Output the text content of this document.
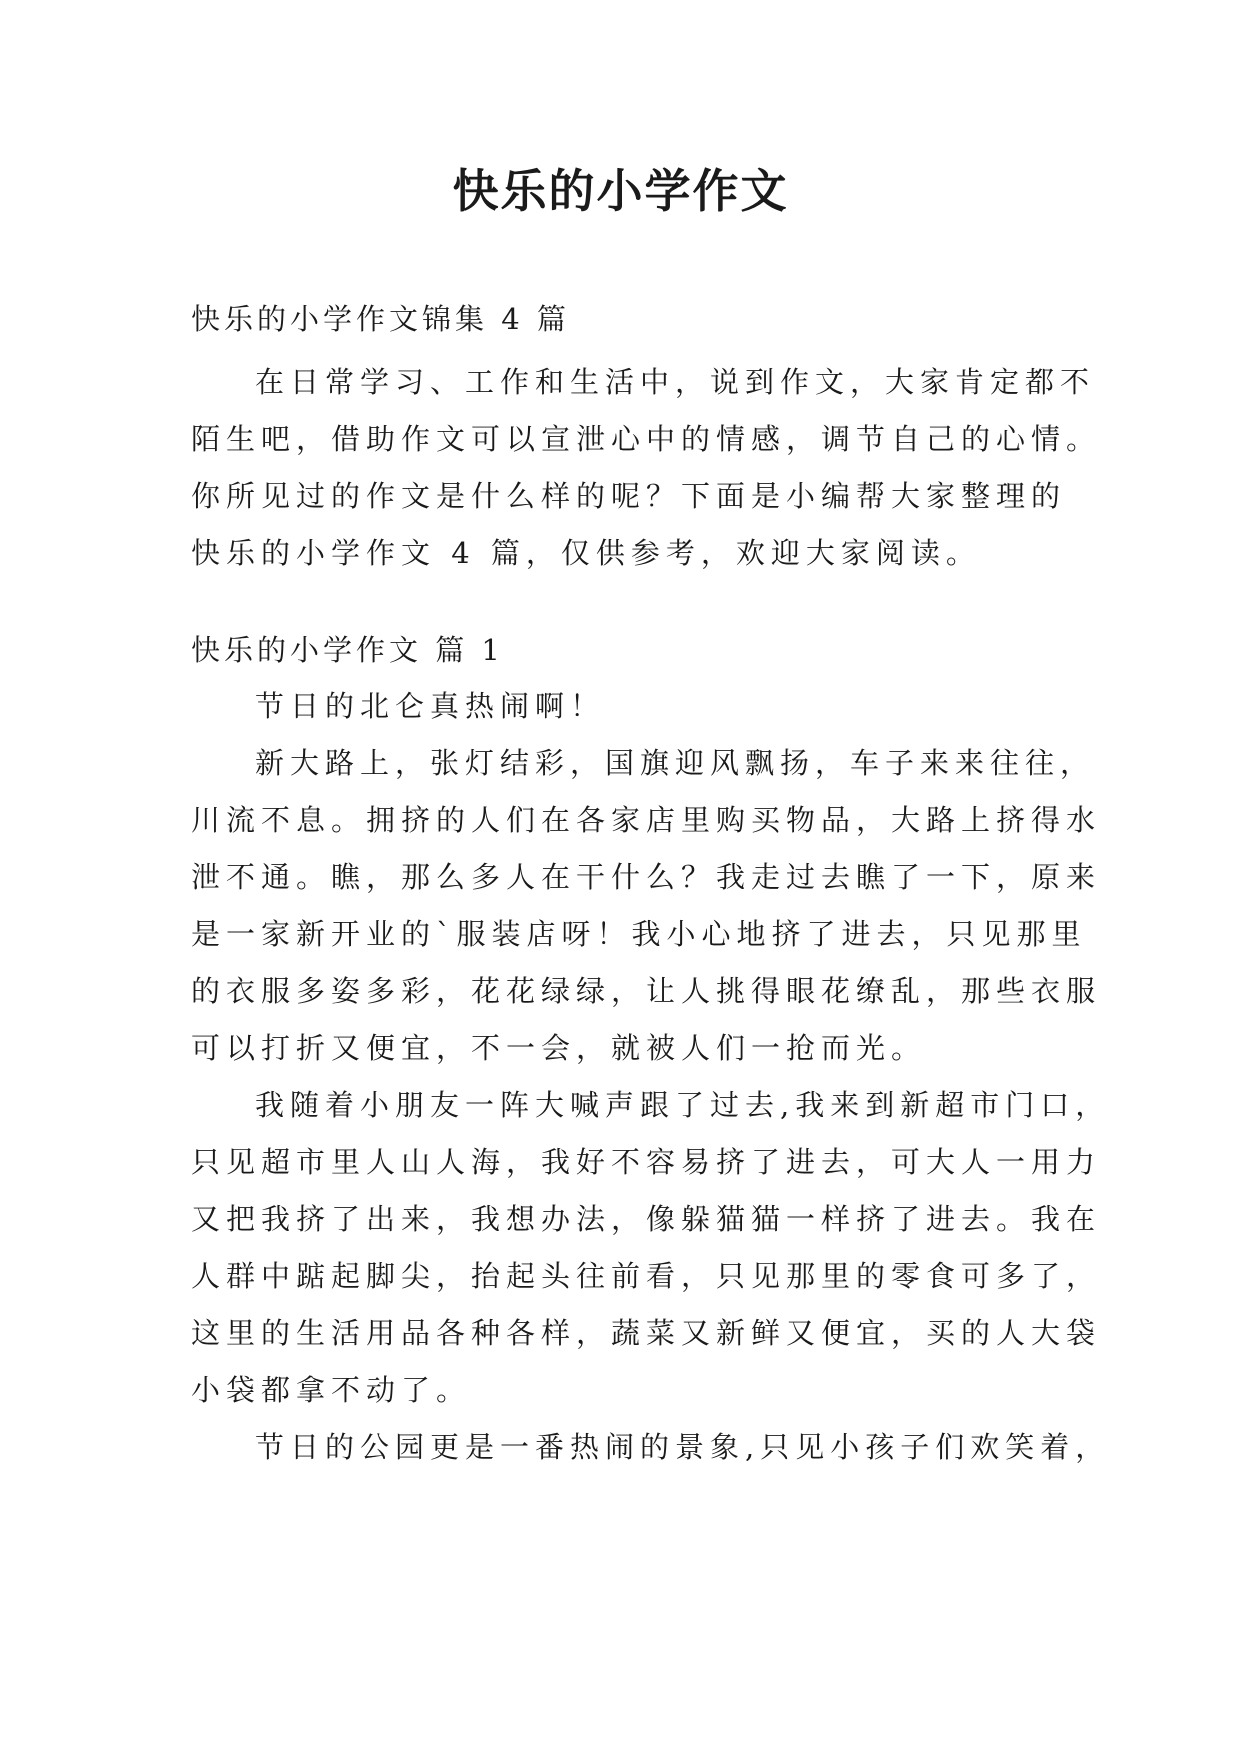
快乐的小学作文
快乐的小学作文锦集 4 篇
在日常学习、工作和生活中，说到作文，大家肯定都不
陌生吧，借助作文可以宣泄心中的情感，调节自己的心情。
你所见过的作文是什么样的呢？下面是小编帮大家整理的
快乐的小学作文 4 篇，仅供参考，欢迎大家阅读。
快乐的小学作文 篇 1
节日的北仑真热闹啊！
新大路上，张灯结彩，国旗迎风飘扬，车子来来往往，
川流不息。拥挤的人们在各家店里购买物品，大路上挤得水
泄不通。瞧，那么多人在干什么？我走过去瞧了一下，原来
是一家新开业的`服装店呀！我小心地挤了进去，只见那里
的衣服多姿多彩，花花绿绿，让人挑得眼花缭乱，那些衣服
可以打折又便宜，不一会，就被人们一抢而光。
我随着小朋友一阵大喊声跟了过去,我来到新超市门口，
只见超市里人山人海，我好不容易挤了进去，可大人一用力
又把我挤了出来，我想办法，像躲猫猫一样挤了进去。我在
人群中踮起脚尖，抬起头往前看，只见那里的零食可多了，
这里的生活用品各种各样，蔬菜又新鲜又便宜，买的人大袋
小袋都拿不动了。
节日的公园更是一番热闹的景象,只见小孩子们欢笑着，
